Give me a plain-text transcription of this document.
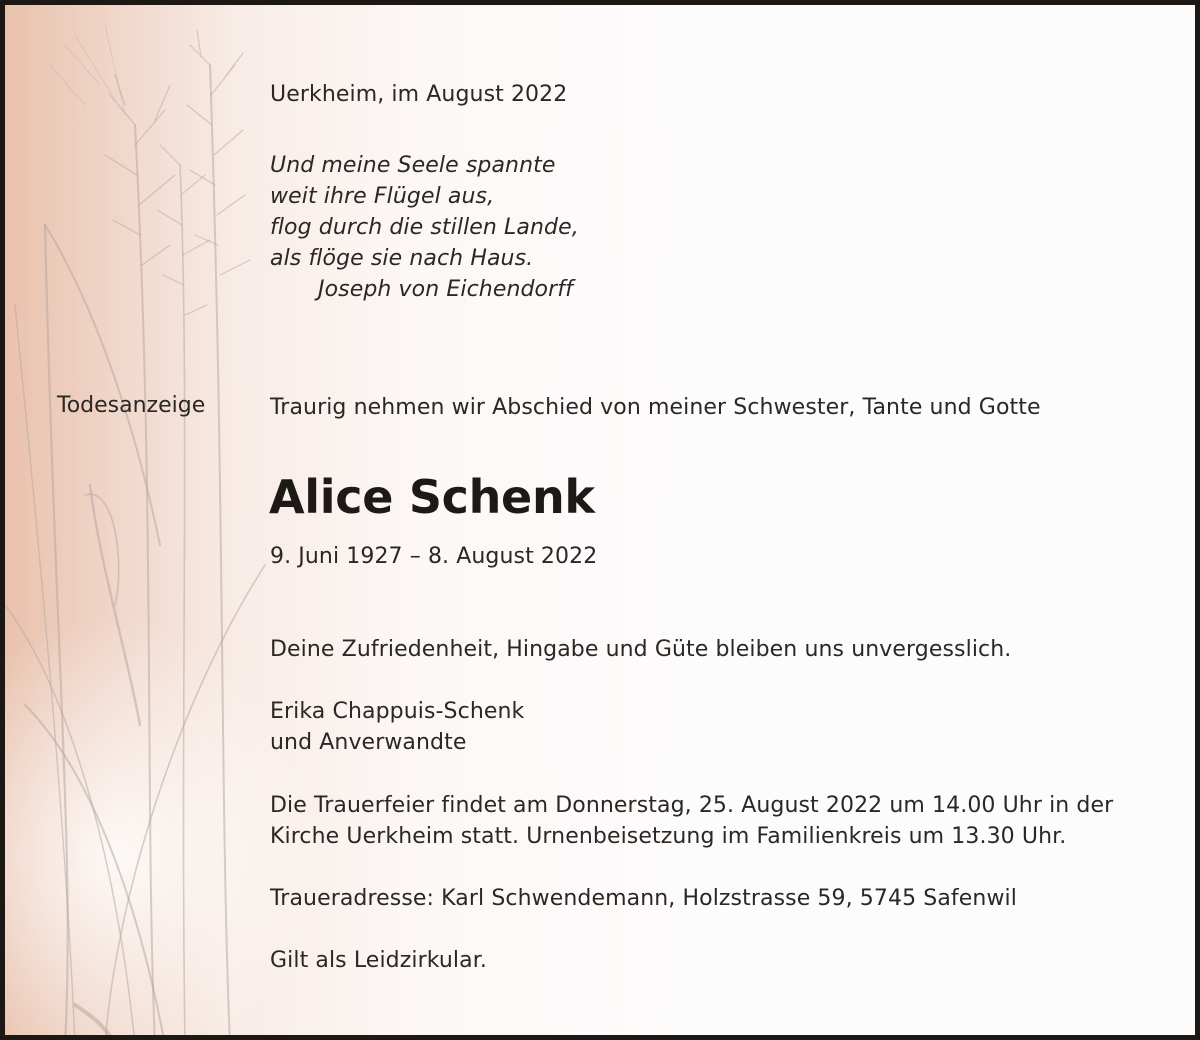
Uerkheim, im August 2022
Und meine Seele spannte
weit ihre Flügel aus,
flog durch die stillen Lande,
als flöge sie nach Haus.
Joseph von Eichendorff
Todesanzeige	Traurig nehmen wir Abschied von meiner Schwester, Tante und Gotte
Alice Schenk
9. Juni 1927 – 8. August 2022
Deine Zufriedenheit, Hingabe und Güte bleiben uns unvergesslich.
Erika Chappuis-Schenk
und Anverwandte
Die Trauerfeier findet am Donnerstag, 25. August 2022 um 14.00 Uhr in der
Kirche Uerkheim statt. Urnenbeisetzung im Familienkreis um 13.30 Uhr.
Traueradresse: Karl Schwendemann, Holzstrasse 59, 5745 Safenwil
Gilt als Leidzirkular.
